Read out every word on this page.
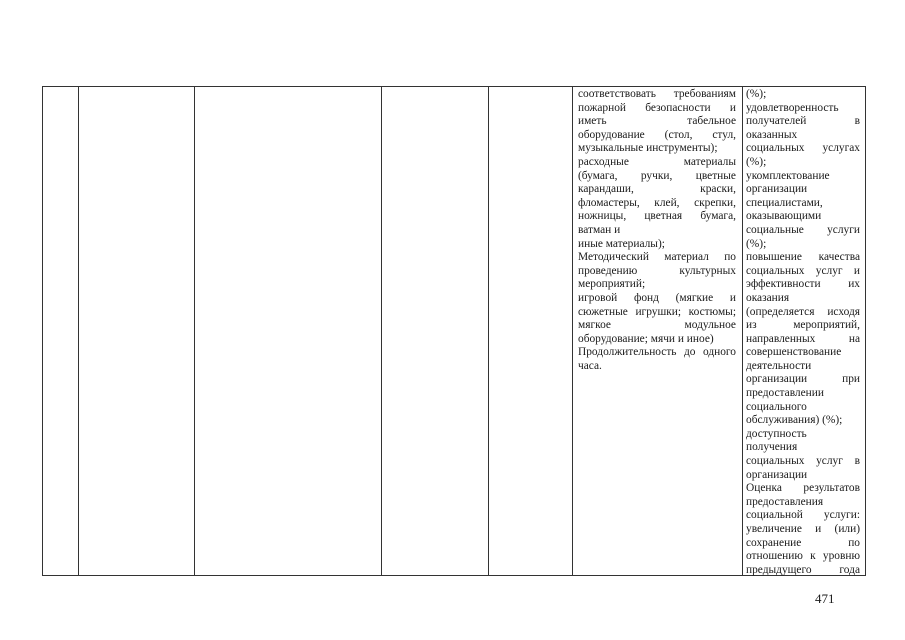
соответствовать требованиям
пожарной безопасности и
иметь табельное
оборудование (стол, стул,
музыкальные инструменты);
расходные материалы
(бумага, ручки, цветные
карандаши, краски,
фломастеры, клей, скрепки,
ножницы, цветная бумага,
ватман и
иные материалы);
Методический материал по
проведению культурных
мероприятий;
игровой фонд (мягкие и
сюжетные игрушки; костюмы;
мягкое модульное
оборудование; мячи и иное)
Продолжительность до одного
часа.
(%);
удовлетворенность
получателей в
оказанных
социальных услугах
(%);
укомплектование
организации
специалистами,
оказывающими
социальные услуги
(%);
повышение качества
социальных услуг и
эффективности их
оказания
(определяется исходя
из мероприятий,
направленных на
совершенствование
деятельности
организации при
предоставлении
социального
обслуживания) (%);
доступность
получения
социальных услуг в
организации
Оценка результатов
предоставления
социальной услуги:
увеличение и (или)
сохранение по
отношению к уровню
предыдущего года
471
